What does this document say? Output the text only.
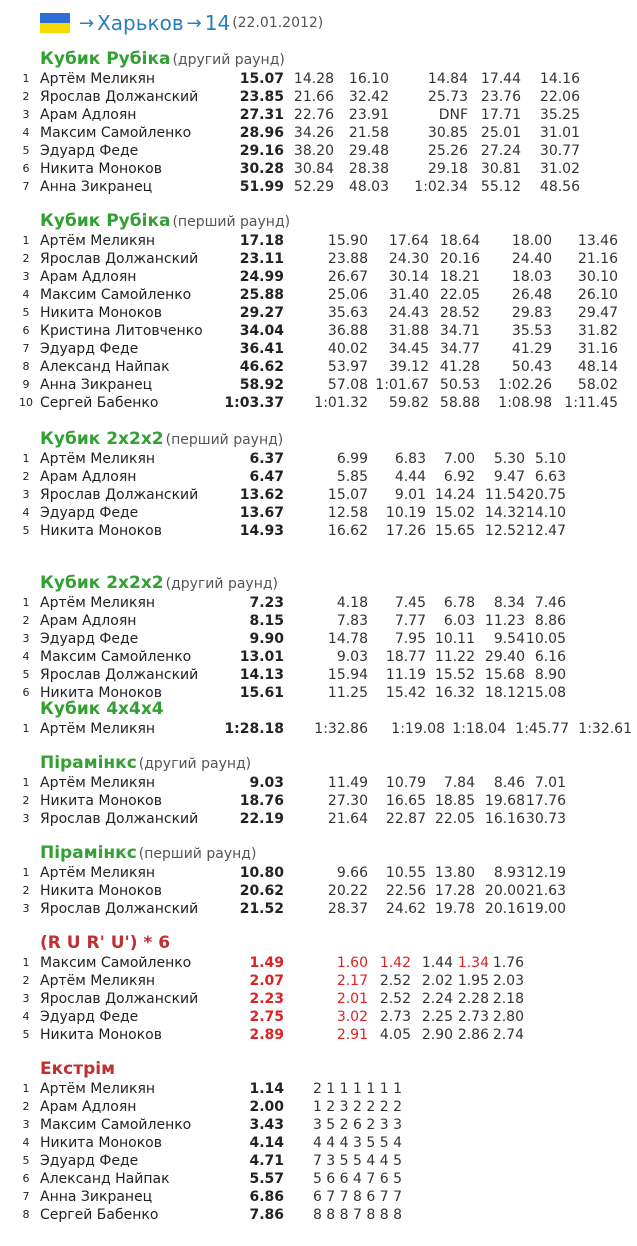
→ Харьков → 14 (22.01.2012)
Кубик Рубіка (другий раунд)
1 Артём Меликян	15.07 14.28 16.10	14.84 17.44 14.16
2 Ярослав Должанский	23.85 21.66 32.42	25.73 23.76 22.06
3 Арам Адлоян	27.31 22.76 23.91	DNF 17.71 35.25
4 Максим Самойленко	28.96 34.26 21.58	30.85 25.01 31.01
5 Эдуард Феде	29.16 38.20 29.48	25.26 27.24 30.77
6 Никита Моноков	30.28 30.84 28.38	29.18 30.81 31.02
7 Анна Зикранец	51.99 52.29 48.03 1:02.34 55.12 48.56
Кубик Рубіка (перший раунд)
1 Артём Меликян	17.18	15.90 17.64 18.64 18.00 13.46
2 Ярослав Должанский	23.11	23.88 24.30 20.16 24.40 21.16
3 Арам Адлоян	24.99	26.67 30.14 18.21 18.03 30.10
4 Максим Самойленко	25.88	25.06 31.40 22.05 26.48 26.10
5 Никита Моноков	29.27	35.63 24.43 28.52 29.83 29.47
6 Кристина Литовченко	34.04	36.88 31.88 34.71 35.53 31.82
7 Эдуард Феде	36.41	40.02 34.45 34.77 41.29 31.16
8 Александ Найпак	46.62	53.97 39.12 41.28 50.43 48.14
9 Анна Зикранец	58.92	57.08 1:01.67 50.53 1:02.26 58.02
10 Сергей Бабенко	1:03.37 1:01.32 59.82 58.88 1:08.98 1:11.45
Кубик 2x2x2 (перший раунд)
1 Артём Меликян	6.37	6.99 6.83 7.00 5.30 5.10
2 Арам Адлоян	6.47	5.85 4.44 6.92 9.47 6.63
3 Ярослав Должанский	13.62	15.07 9.01 14.24 11.54 20.75
4 Эдуард Феде	13.67	12.58 10.19 15.02 14.32 14.10
5 Никита Моноков	14.93	16.62 17.26 15.65 12.52 12.47
Кубик 2x2x2 (другий раунд)
1 Артём Меликян	7.23	4.18 7.45 6.78 8.34 7.46
2 Арам Адлоян	8.15	7.83 7.77 6.03 11.23 8.86
3 Эдуард Феде	9.90	14.78 7.95 10.11 9.54 10.05
4 Максим Самойленко	13.01	9.03 18.77 11.22 29.40 6.16
5 Ярослав Должанский	14.13	15.94 11.19 15.52 15.68 8.90
6 Никита Моноков	15.61	11.25 15.42 16.32 18.12 15.08
Кубик 4x4x4
1 Артём Меликян	1:28.18 1:32.86 1:19.08 1:18.04 1:45.77 1:32.61
Пірамінкс (другий раунд)
1 Артём Меликян	9.03	11.49 10.79 7.84 8.46 7.01
2 Никита Моноков	18.76	27.30 16.65 18.85 19.68 17.76
3 Ярослав Должанский	22.19	21.64 22.87 22.05 16.16 30.73
Пірамінкс (перший раунд)
1 Артём Меликян	10.80	9.66 10.55 13.80 8.93 12.19
2 Никита Моноков	20.62	20.22 22.56 17.28 20.00 21.63
3 Ярослав Должанский	21.52	28.37 24.62 19.78 20.16 19.00
(R U R' U') * 6
1 Максим Самойленко	1.49	1.60 1.42 1.44 1.34 1.76
2 Артём Меликян	2.07	2.17 2.52 2.02 1.95 2.03
3 Ярослав Должанский	2.23	2.01 2.52 2.24 2.28 2.18
4 Эдуард Феде	2.75	3.02 2.73 2.25 2.73 2.80
5 Никита Моноков	2.89	2.91 4.05 2.90 2.86 2.74
Екстрім
1 Артём Меликян	1.14 2 1 1 1 1 1 1
2 Арам Адлоян	2.00 1 2 3 2 2 2 2
3 Максим Самойленко	3.43 3 5 2 6 2 3 3
4 Никита Моноков	4.14 4 4 4 3 5 5 4
5 Эдуард Феде	4.71 7 3 5 5 4 4 5
6 Александ Найпак	5.57 5 6 6 4 7 6 5
7 Анна Зикранец	6.86 6 7 7 8 6 7 7
8 Сергей Бабенко	7.86 8 8 8 7 8 8 8
